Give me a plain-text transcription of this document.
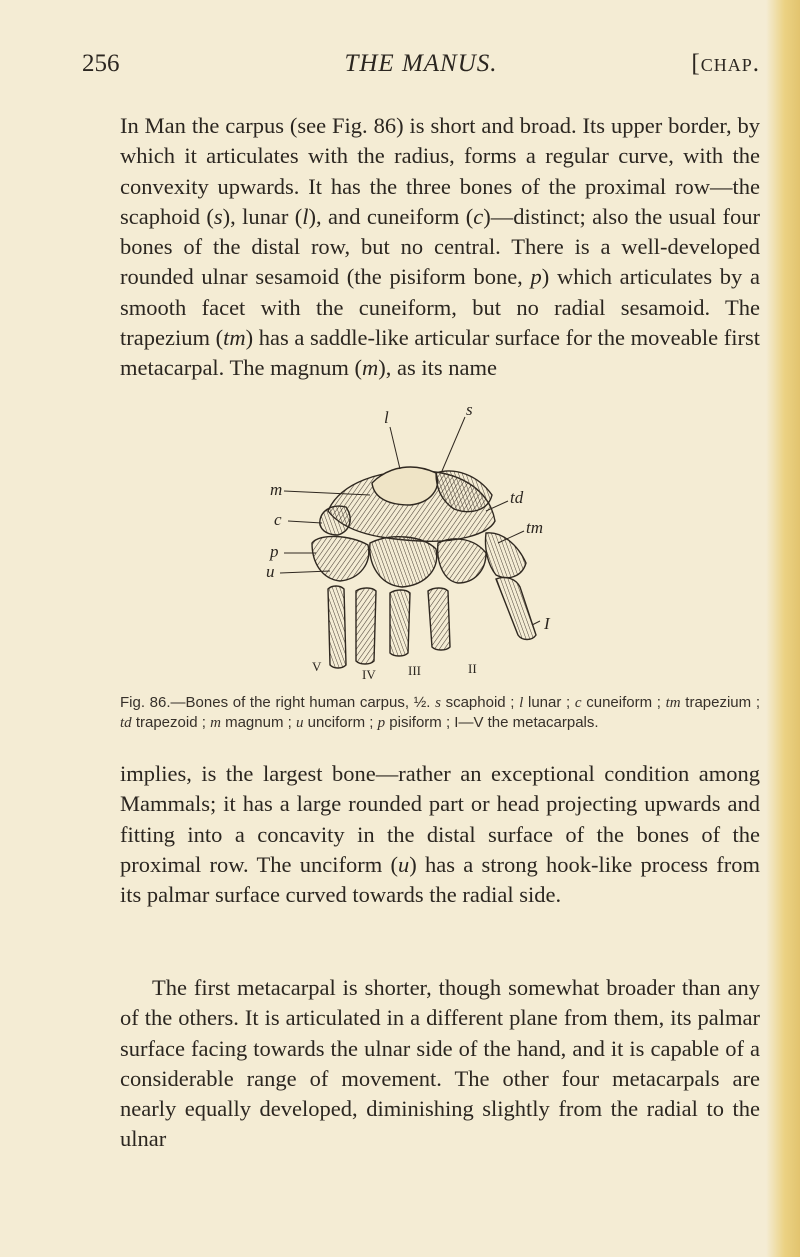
256	THE MANUS.	[chap.

In Man the carpus (see Fig. 86) is short and broad. Its upper border, by which it articulates with the radius, forms a regular curve, with the convexity upwards. It has the three bones of the proximal row—the scaphoid (s), lunar (l), and cuneiform (c)—distinct; also the usual four bones of the distal row, but no central. There is a well-developed rounded ulnar sesamoid (the pisiform bone, p) which articulates by a smooth facet with the cuneiform, but no radial sesamoid. The trapezium (tm) has a saddle-like articular surface for the moveable first metacarpal. The magnum (m), as its name

l	s
m
c
p
u
td
tm
I
II
III
IV
V
Fig. 86.—Bones of the right human carpus, ½. s scaphoid ; l lunar ; c cuneiform ; tm trapezium ; td trapezoid ; m magnum ; u unciform ; p pisiform ; I—V the metacarpals.

implies, is the largest bone—rather an exceptional condition among Mammals; it has a large rounded part or head projecting upwards and fitting into a concavity in the distal surface of the bones of the proximal row. The unciform (u) has a strong hook-like process from its palmar surface curved towards the radial side.

The first metacarpal is shorter, though somewhat broader than any of the others. It is articulated in a different plane from them, its palmar surface facing towards the ulnar side of the hand, and it is capable of a considerable range of movement. The other four metacarpals are nearly equally developed, diminishing slightly from the radial to the ulnar
